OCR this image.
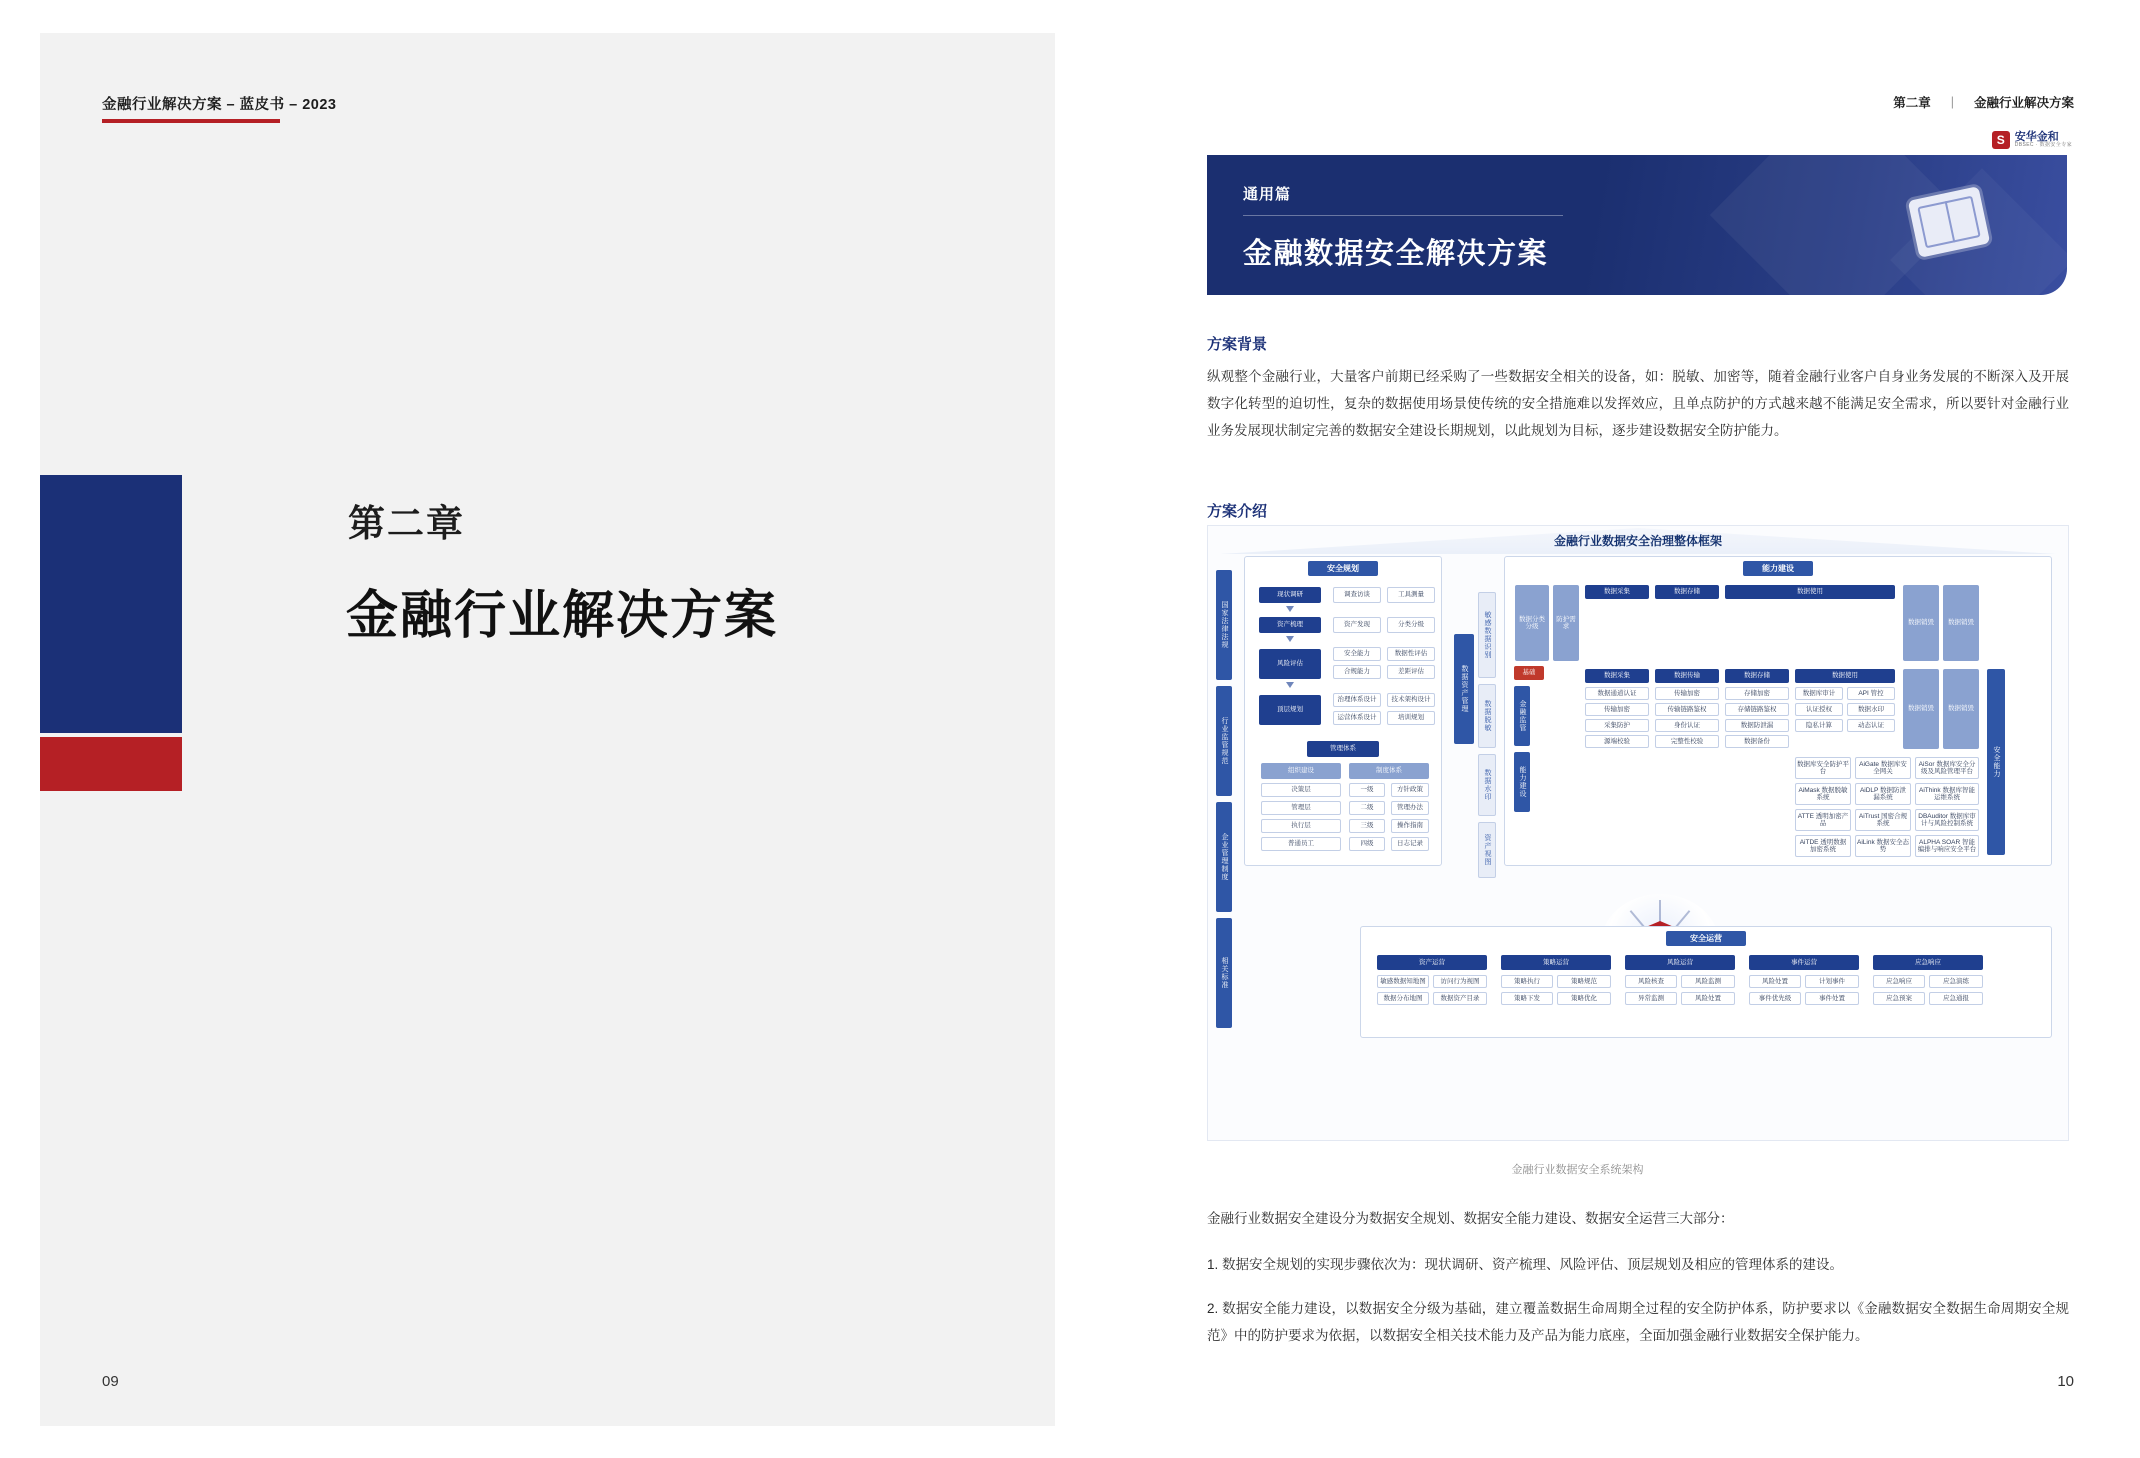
金融行业解决方案 – 蓝皮书 – 2023
第二章
金融行业解决方案
09
第二章 | 金融行业解决方案
通用篇
金融数据安全解决方案
S 安华金和
DBSEC · 数据安全专家
方案背景
纵观整个金融行业，大量客户前期已经采购了一些数据安全相关的设备，如：脱敏、加密等，随着金融行业客户自身业务发展的不断深入及开展数字化转型的迫切性，复杂的数据使用场景使传统的安全措施难以发挥效应，且单点防护的方式越来越不能满足安全需求，所以要针对金融行业业务发展现状制定完善的数据安全建设长期规划，以此规划为目标，逐步建设数据安全防护能力。
方案介绍
金融行业数据安全治理整体框架
国家法律法规
行业监管规范
企业管理制度
相关标准
安全规划
现状调研	调查访谈	工具测量
资产梳理	资产发现	分类分级
风险评估
安全能力	数据性评估
合规能力	差距评估
顶层规划
治理体系设计	技术架构设计
运营体系设计	培训规划
管理体系
组织建设	制度体系
决策层
管理层
执行层
普通员工
一级	方针政策
二级	管理办法
三级	操作指南
四级	日志记录
数据资产管理
敏感数据识别
数据脱敏
数据水印
资产视图
能力建设
数据分类分级
防护需求
数据采集	数据存储	数据使用
数据销毁	数据销毁
数据采集
数据通道认证
传输加密
采集防护
源端校验
数据传输
传输加密
传输链路鉴权
身份认证
完整性校验
数据存储
存储加密
存储链路鉴权
数据防泄漏
数据备份
数据使用
数据库审计	API 管控
认证授权	数据水印
隐私计算	动态认证
数据销毁	数据销毁
安全能力
数据库安全防护平台
AiGate 数据库安全网关
AiSor 数据库安全分级及风险管理平台
AiMask 数据脱敏系统
AiDLP 数据防泄漏系统
AiThink 数据库智能运维系统
ATTE 透明加密产品
AiTrust 国密合规系统
DBAuditor 数据库审计与风险控制系统
AiTDE 透明数据加密系统
AiLink 数据安全态势
ALPHA SOAR 智能编排与响应安全平台
基础
金融监管
能力建设
安全运营
资产运营
敏感数据知地图	访问行为视图
数据分布地图	数据资产目录
策略运营
策略执行	策略规范
策略下发	策略优化
风险运营
风险核查	风险监测
异常监测	风险处置
事件运营
风险处置	计划事件
事件优先级	事件处置
应急响应
应急响应	应急演练
应急预案	应急通报
金融行业数据安全系统架构
金融行业数据安全建设分为数据安全规划、数据安全能力建设、数据安全运营三大部分：
1. 数据安全规划的实现步骤依次为：现状调研、资产梳理、风险评估、顶层规划及相应的管理体系的建设。
2. 数据安全能力建设，以数据安全分级为基础，建立覆盖数据生命周期全过程的安全防护体系，防护要求以《金融数据安全数据生命周期安全规范》中的防护要求为依据，以数据安全相关技术能力及产品为能力底座，全面加强金融行业数据安全保护能力。
10
